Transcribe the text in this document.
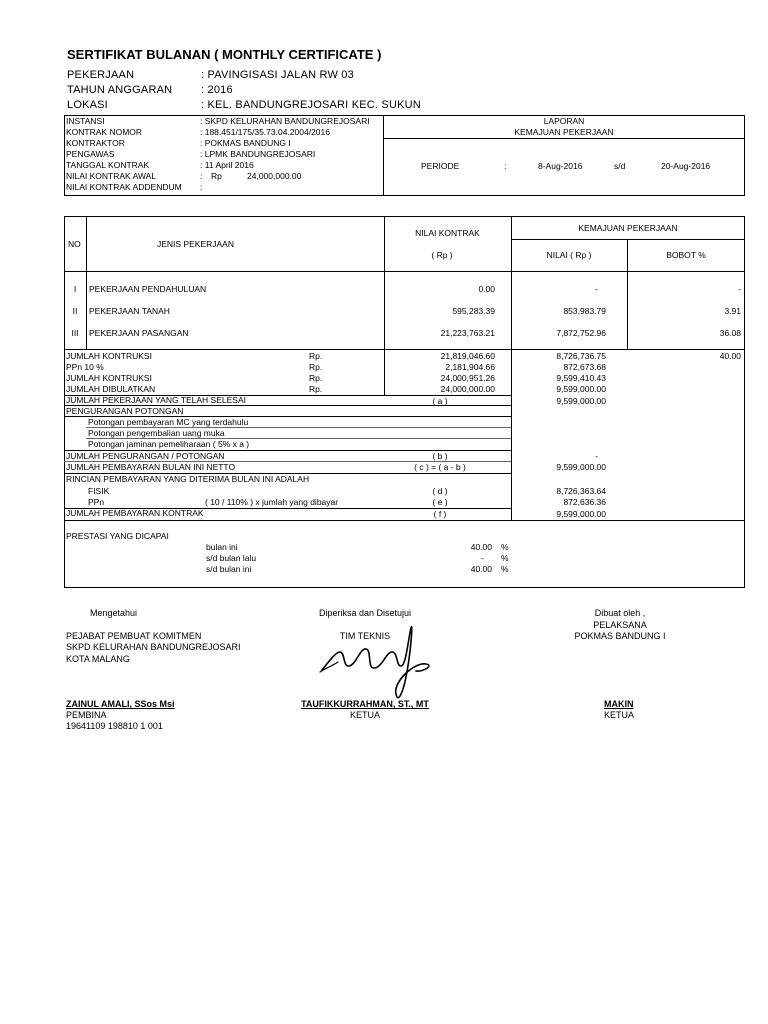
SERTIFIKAT BULANAN ( MONTHLY CERTIFICATE )
PEKERJAAN	: PAVINGISASI JALAN RW 03
TAHUN ANGGARAN	: 2016
LOKASI	: KEL. BANDUNGREJOSARI KEC. SUKUN
INSTANSI	: SKPD KELURAHAN BANDUNGREJOSARI
KONTRAK NOMOR	: 188.451/175/35.73.04.2004/2016
KONTRAKTOR	: POKMAS BANDUNG I
PENGAWAS	: LPMK BANDUNGREJOSARI
TANGGAL KONTRAK	: 11 April 2016
NILAI KONTRAK AWAL	: Rp	24,000,000.00
NILAI KONTRAK ADDENDUM :
LAPORAN
KEMAJUAN PEKERJAAN
PERIODE	:	8-Aug-2016	s/d	20-Aug-2016
NO	JENIS PEKERJAAN
NILAI KONTRAK
( Rp )
KEMAJUAN PEKERJAAN
NILAI ( Rp )	BOBOT %
I	PEKERJAAN PENDAHULUAN	0.00	-	-
II	PEKERJAAN TANAH	595,283.39	853,983.79	3.91
III	PEKERJAAN PASANGAN	21,223,763.21	7,872,752.96	36.08
JUMLAH KONTRUKSI	Rp.	21,819,046.60	8,726,736.75	40.00
PPn 10 %	Rp.	2,181,904.66	872,673.68
JUMLAH KONTRUKSI	Rp.	24,000,951.26	9,599,410.43
JUMLAH DIBULATKAN	Rp.	24,000,000.00	9,599,000.00
JUMLAH PEKERJAAN YANG TELAH SELESAI	( a )	9,599,000.00
PENGURANGAN POTONGAN
Potongan pembayaran MC yang terdahulu
Potongan pengembalian uang muka
Potongan jaminan pemeliharaan ( 5% x a )
JUMLAH PENGURANGAN / POTONGAN	( b )	-
JUMLAH PEMBAYARAN BULAN INI NETTO	( c ) = ( a - b )	9,599,000.00
RINCIAN PEMBAYARAN YANG DITERIMA BULAN INI ADALAH
FISIK	( d )	8,726,363.64
PPn	( 10 / 110% ) x jumlah yang dibayar	( e )	872,636.36
JUMLAH PEMBAYARAN KONTRAK	( f )	9,599,000.00
PRESTASI YANG DICAPAI
bulan ini	40.00 %
s/d bulan lalu	- %
s/d bulan ini	40.00 %
Mengetahui
PEJABAT PEMBUAT KOMITMEN
SKPD KELURAHAN BANDUNGREJOSARI
KOTA MALANG
ZAINUL AMALI, SSos Msi
PEMBINA
19641109 198810 1 001
Diperiksa dan Disetujui
TIM TEKNIS
TAUFIKKURRAHMAN, ST., MT
KETUA
Dibuat oleh ,
PELAKSANA
POKMAS BANDUNG I
MAKIN
KETUA
